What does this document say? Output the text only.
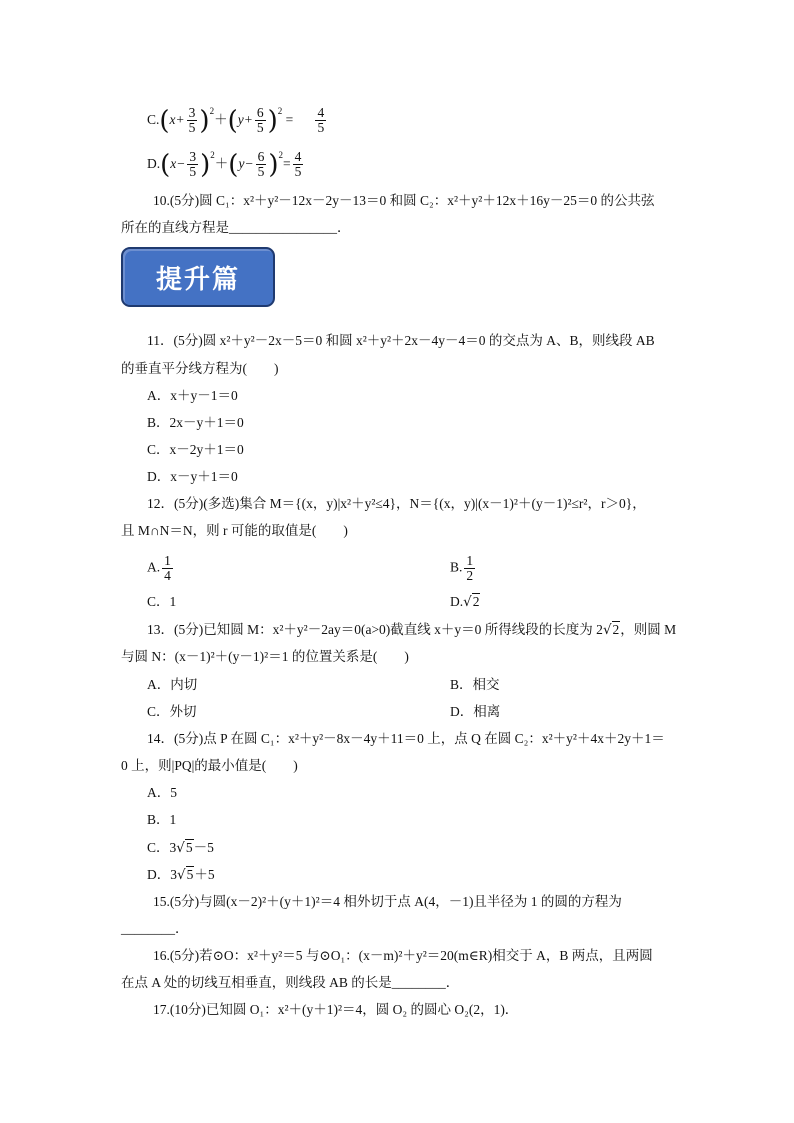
$C.(x+ \frac{3}{5} )^2+(y+ \frac{6}{5} )^2 = \frac{4}{5}$
$D.(x- \frac{3}{5} )^2+(y- \frac{6}{5} )^2= \frac{4}{5}$
10.(5分)圆 C₁：x²＋y²－12x－2y－13＝0 和圆 C₂：x²＋y²＋12x＋16y－25＝0 的公共弦
所在的直线方程是________________．
提升篇
11．(5分)圆 x²＋y²－2x－5＝0 和圆 x²＋y²＋2x－4y－4＝0 的交点为 A、B，则线段 AB
的垂直平分线方程为(　　)
A．x＋y－1＝0
B．2x－y＋1＝0
C．x－2y＋1＝0
D．x－y＋1＝0
12．(5分)(多选)集合 M＝{(x，y)|x²＋y²≤4}，N＝{(x，y)|(x－1)²＋(y－1)²≤r²，r＞0}，
且 M∩N＝N，则 r 可能的取值是(　　)
A. $\frac{1}{4}$	B. $\frac{1}{2}$
C．1	D.√2
13．(5分)已知圆 M：x²＋y²－2ay＝0(a>0)截直线 x＋y＝0 所得线段的长度为 2√2，则圆 M
与圆 N：(x－1)²＋(y－1)²＝1 的位置关系是(　　)
A．内切	B．相交
C．外切	D．相离
14．(5分)点 P 在圆 C₁：x²＋y²－8x－4y＋11＝0 上，点 Q 在圆 C₂：x²＋y²＋4x＋2y＋1＝
0 上，则|PQ|的最小值是(　　)
A．5
B．1
C．3√5－5
D．3√5＋5
15.(5分)与圆(x－2)²＋(y＋1)²＝4 相外切于点 A(4，－1)且半径为 1 的圆的方程为
________．
16.(5分)若⊙O：x²＋y²＝5 与⊙O₁：(x－m)²＋y²＝20(m∈R)相交于 A，B 两点，且两圆
在点 A 处的切线互相垂直，则线段 AB 的长是________．
17.(10分)已知圆 O₁：x²＋(y＋1)²＝4，圆 O₂ 的圆心 O₂(2，1)．
